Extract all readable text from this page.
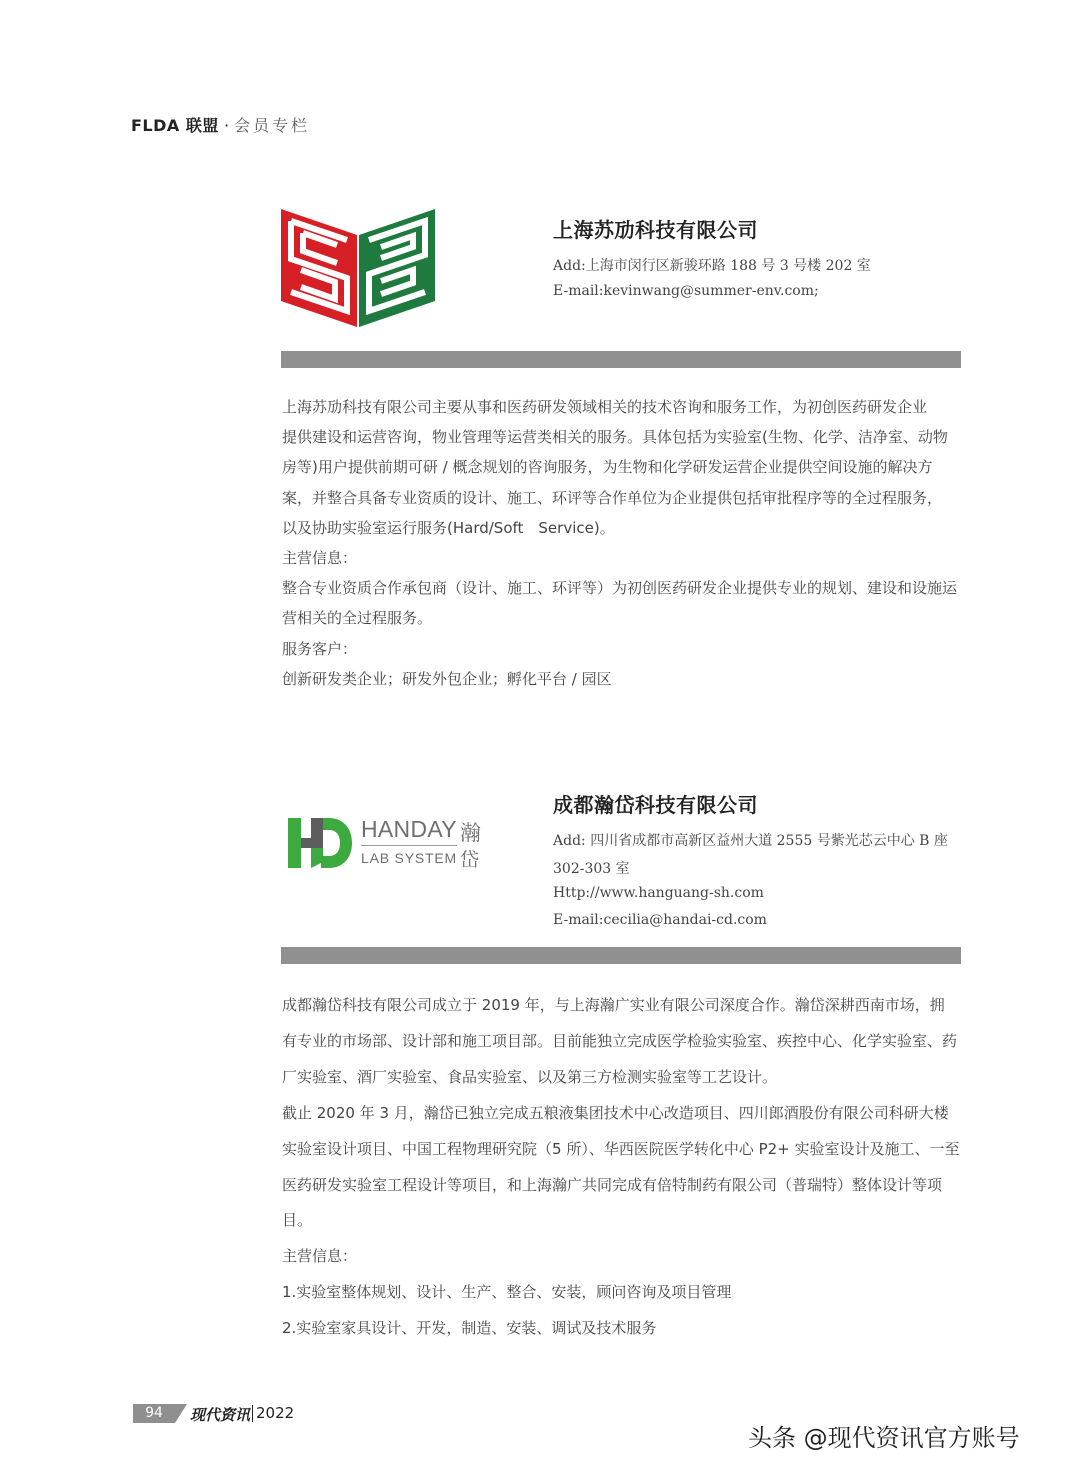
FLDA 联盟 · 会员专栏
上海苏劢科技有限公司
Add:上海市闵行区新骏环路 188 号 3 号楼 202 室
E-mail:kevinwang@summer-env.com;

上海苏劢科技有限公司主要从事和医药研发领域相关的技术咨询和服务工作，为初创医药研发企业
提供建设和运营咨询，物业管理等运营类相关的服务。具体包括为实验室(生物、化学、洁净室、动物
房等)用户提供前期可研 / 概念规划的咨询服务，为生物和化学研发运营企业提供空间设施的解决方
案，并整合具备专业资质的设计、施工、环评等合作单位为企业提供包括审批程序等的全过程服务，
以及协助实验室运行服务(Hard/Soft　Service)。
主营信息：
整合专业资质合作承包商（设计、施工、环评等）为初创医药研发企业提供专业的规划、建设和设施运
营相关的全过程服务。
服务客户：
创新研发类企业；研发外包企业；孵化平台 / 园区

HANDAY
LAB SYSTEM
瀚
岱
成都瀚岱科技有限公司
Add: 四川省成都市高新区益州大道 2555 号紫光芯云中心 B 座
302-303 室
Http://www.hanguang-sh.com
E-mail:cecilia@handai-cd.com

成都瀚岱科技有限公司成立于 2019 年，与上海瀚广实业有限公司深度合作。瀚岱深耕西南市场，拥
有专业的市场部、设计部和施工项目部。目前能独立完成医学检验实验室、疾控中心、化学实验室、药
厂实验室、酒厂实验室、食品实验室、以及第三方检测实验室等工艺设计。
截止 2020 年 3 月，瀚岱已独立完成五粮液集团技术中心改造项目、四川郎酒股份有限公司科研大楼
实验室设计项目、中国工程物理研究院（5 所）、华西医院医学转化中心 P2+ 实验室设计及施工、一至
医药研发实验室工程设计等项目，和上海瀚广共同完成有倍特制药有限公司（普瑞特）整体设计等项
目。
主营信息：
1.实验室整体规划、设计、生产、整合、安装，顾问咨询及项目管理
2.实验室家具设计、开发，制造、安装、调试及技术服务

94	现代资讯 2022
头条 @现代资讯官方账号
